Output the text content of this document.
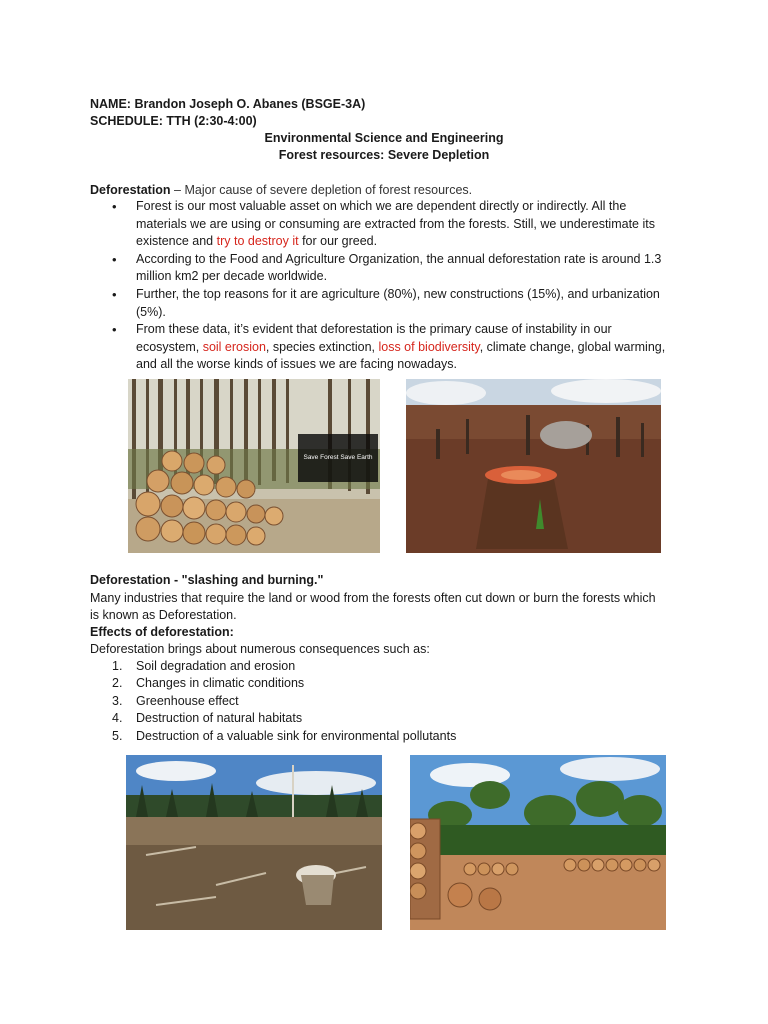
NAME: Brandon Joseph O. Abanes (BSGE-3A)
SCHEDULE: TTH (2:30-4:00)
Environmental Science and Engineering
Forest resources: Severe Depletion
Deforestation – Major cause of severe depletion of forest resources.
• Forest is our most valuable asset on which we are dependent directly or indirectly. All the
materials we are using or consuming are extracted from the forests. Still, we underestimate its
existence and try to destroy it for our greed.
• According to the Food and Agriculture Organization, the annual deforestation rate is around 1.3
million km2 per decade worldwide.
• Further, the top reasons for it are agriculture (80%), new constructions (15%), and urbanization
(5%).
• From these data, it’s evident that deforestation is the primary cause of instability in our
ecosystem, soil erosion, species extinction, loss of biodiversity, climate change, global warming,
and all the worse kinds of issues we are facing nowadays.
Save Forest Save Earth
Deforestation - "slashing and burning."
Many industries that require the land or wood from the forests often cut down or burn the forests which
is known as Deforestation.
Effects of deforestation:
Deforestation brings about numerous consequences such as:
1. Soil degradation and erosion
2. Changes in climatic conditions
3. Greenhouse effect
4. Destruction of natural habitats
5. Destruction of a valuable sink for environmental pollutants
